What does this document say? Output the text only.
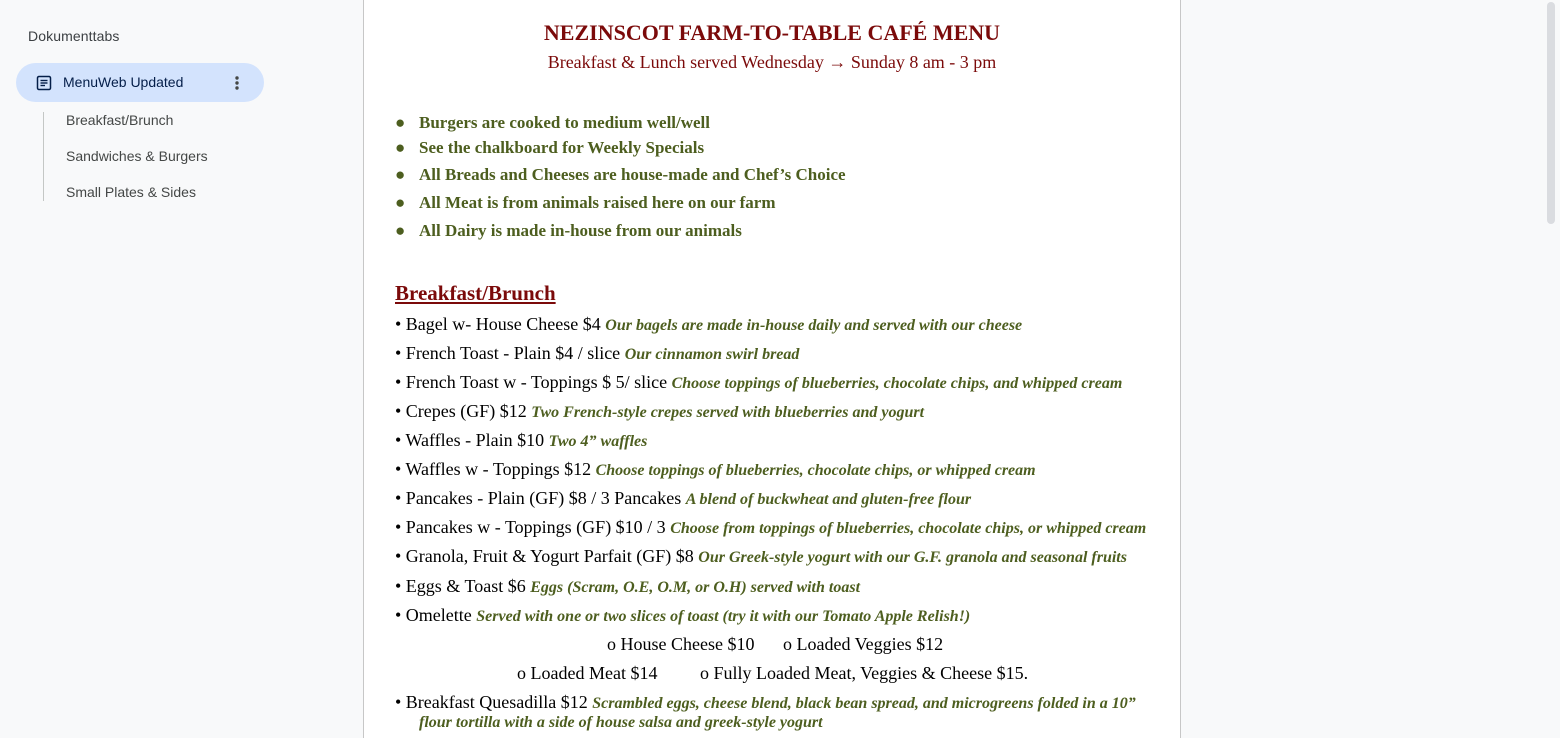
Dokumenttabs
MenuWeb Updated
Breakfast/Brunch
Sandwiches & Burgers
Small Plates & Sides
NEZINSCOT FARM-TO-TABLE CAFÉ MENU
Breakfast & Lunch served Wednesday → Sunday 8 am - 3 pm
● Burgers are cooked to medium well/well
● See the chalkboard for Weekly Specials
● All Breads and Cheeses are house-made and Chef’s Choice
● All Meat is from animals raised here on our farm
● All Dairy is made in-house from our animals
Breakfast/Brunch
• Bagel w- House Cheese $4 Our bagels are made in-house daily and served with our cheese
• French Toast - Plain $4 / slice Our cinnamon swirl bread
• French Toast w - Toppings $ 5/ slice Choose toppings of blueberries, chocolate chips, and whipped cream
• Crepes (GF) $12 Two French-style crepes served with blueberries and yogurt
• Waffles - Plain $10 Two 4” waffles
• Waffles w - Toppings $12 Choose toppings of blueberries, chocolate chips, or whipped cream
• Pancakes - Plain (GF) $8 / 3 Pancakes A blend of buckwheat and gluten-free flour
• Pancakes w - Toppings (GF) $10 / 3 Choose from toppings of blueberries, chocolate chips, or whipped cream
• Granola, Fruit & Yogurt Parfait (GF) $8 Our Greek-style yogurt with our G.F. granola and seasonal fruits
• Eggs & Toast $6 Eggs (Scram, O.E, O.M, or O.H) served with toast
• Omelette Served with one or two slices of toast (try it with our Tomato Apple Relish!)
o House Cheese $10 o Loaded Veggies $12
o Loaded Meat $14 o Fully Loaded Meat, Veggies & Cheese $15.
• Breakfast Quesadilla $12 Scrambled eggs, cheese blend, black bean spread, and microgreens folded in a 10”
flour tortilla with a side of house salsa and greek-style yogurt
